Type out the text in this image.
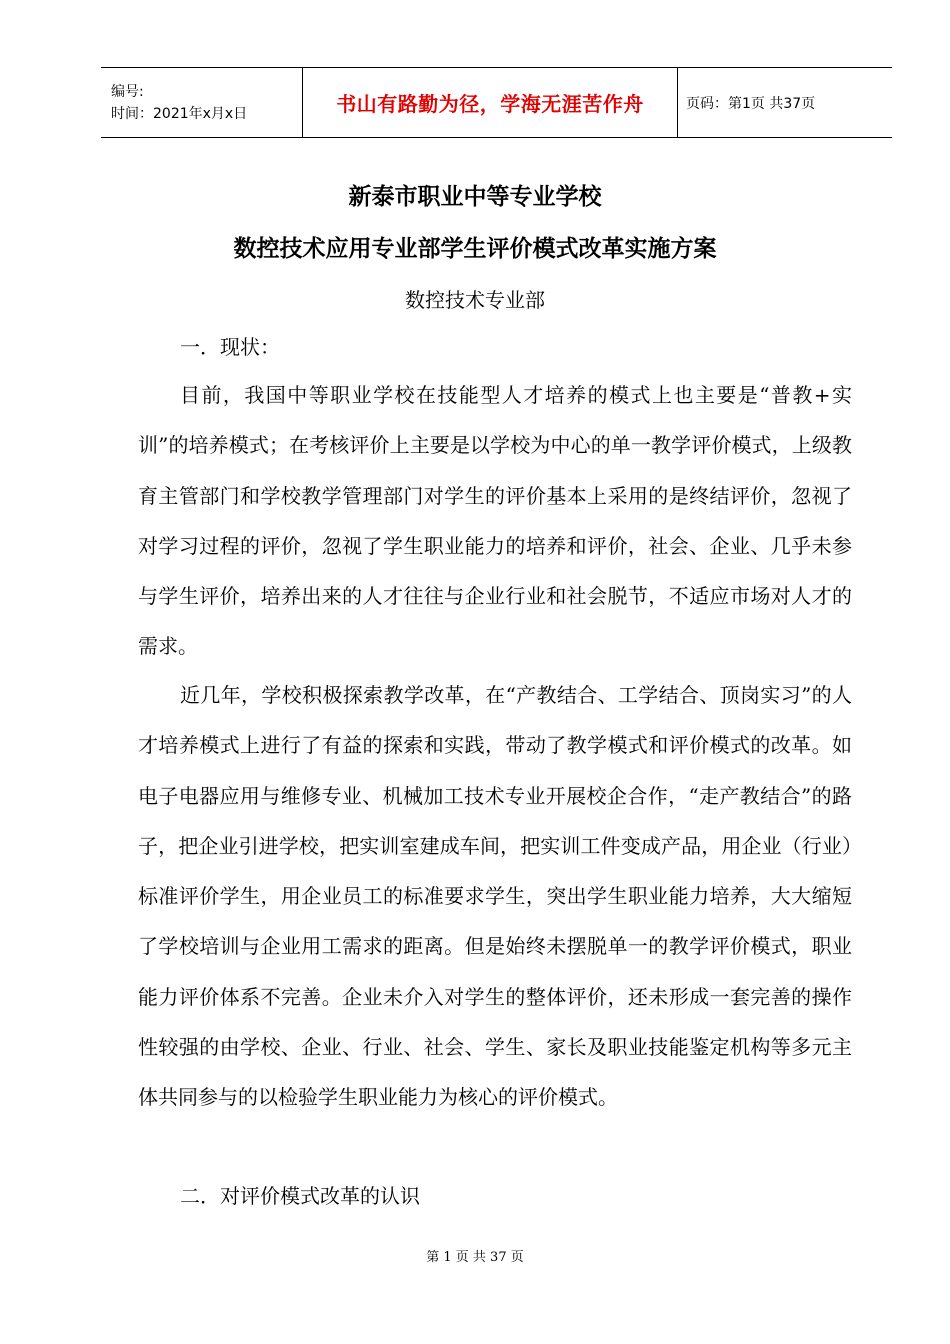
编号:
时间：2021年x月x日	书山有路勤为径，学海无涯苦作舟	页码：第1页 共37页
新泰市职业中等专业学校
数控技术应用专业部学生评价模式改革实施方案
数控技术专业部
一．现状：

目前，我国中等职业学校在技能型人才培养的模式上也主要是“普教+实训”的培养模式；在考核评价上主要是以学校为中心的单一教学评价模式，上级教育主管部门和学校教学管理部门对学生的评价基本上采用的是终结评价，忽视了对学习过程的评价，忽视了学生职业能力的培养和评价，社会、企业、几乎未参与学生评价，培养出来的人才往往与企业行业和社会脱节，不适应市场对人才的需求。

近几年，学校积极探索教学改革，在“产教结合、工学结合、顶岗实习”的人才培养模式上进行了有益的探索和实践，带动了教学模式和评价模式的改革。如电子电器应用与维修专业、机械加工技术专业开展校企合作，“走产教结合”的路子，把企业引进学校，把实训室建成车间，把实训工件变成产品，用企业（行业）标准评价学生，用企业员工的标准要求学生，突出学生职业能力培养，大大缩短了学校培训与企业用工需求的距离。但是始终未摆脱单一的教学评价模式，职业能力评价体系不完善。企业未介入对学生的整体评价，还未形成一套完善的操作性较强的由学校、企业、行业、社会、学生、家长及职业技能鉴定机构等多元主体共同参与的以检验学生职业能力为核心的评价模式。

二．对评价模式改革的认识
第 1 页 共 37 页
